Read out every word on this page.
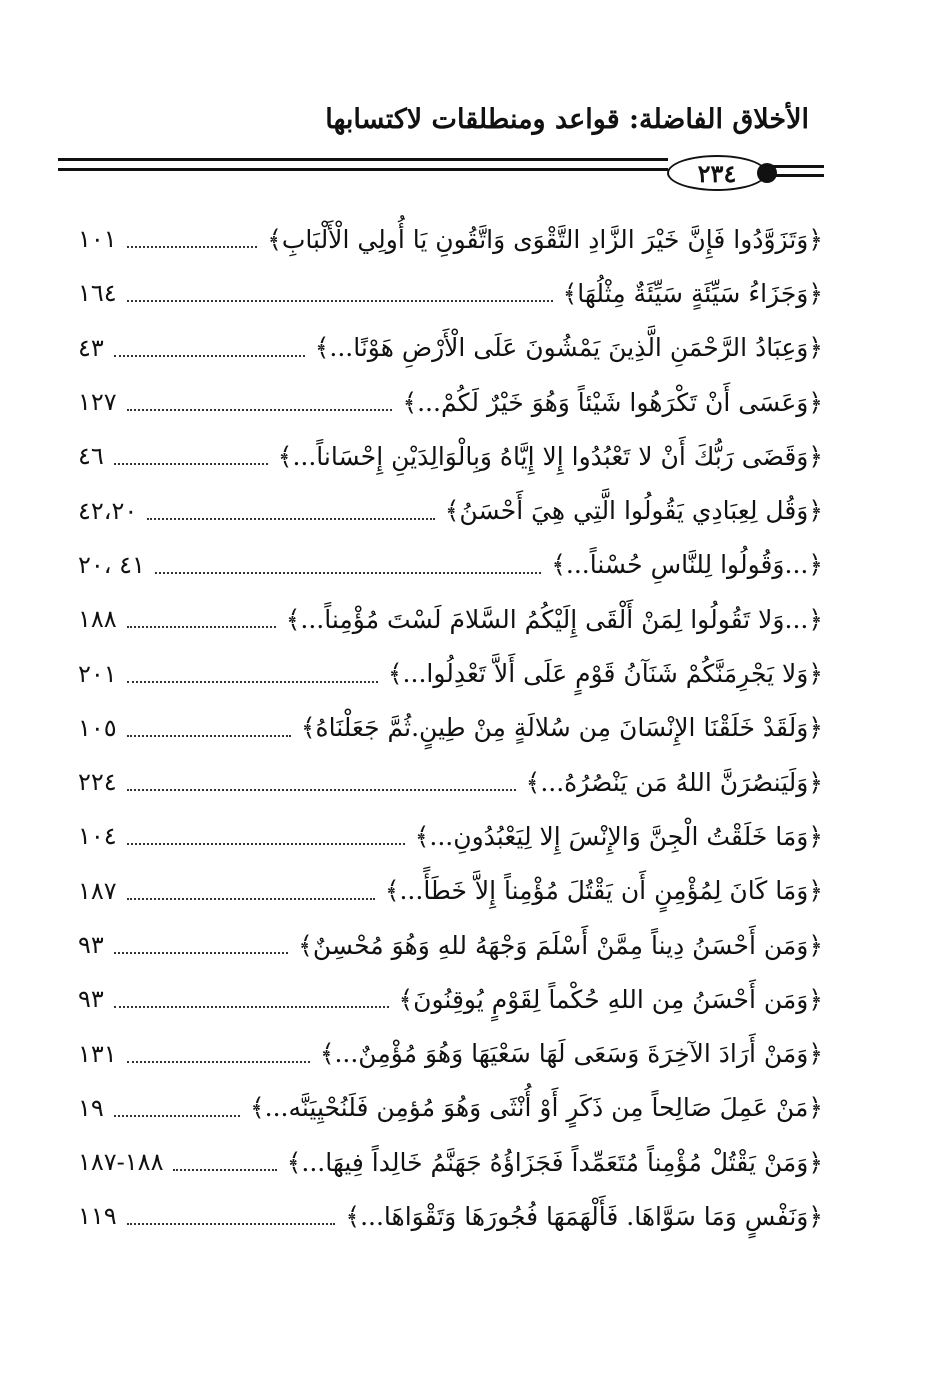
الأخلاق الفاضلة: قواعد ومنطلقات لاكتسابها
٢٣٤
﴿وَتَزَوَّدُوا فَإِنَّ خَيْرَ الزَّادِ التَّقْوَى وَاتَّقُونِ يَا أُولِي الْأَلْبَابِ﴾
١٠١
﴿وَجَزَاءُ سَيِّئَةٍ سَيِّئَةٌ مِثْلُهَا﴾
١٦٤
﴿وَعِبَادُ الرَّحْمَنِ الَّذِينَ يَمْشُونَ عَلَى الْأَرْضِ هَوْنًا...﴾
٤٣
﴿وَعَسَى أَنْ تَكْرَهُوا شَيْئاً وَهُوَ خَيْرٌ لَكُمْ...﴾
١٢٧
﴿وَقَضَى رَبُّكَ أَنْ لا تَعْبُدُوا إِلا إِيَّاهُ وَبِالْوَالِدَيْنِ إِحْسَاناً...﴾
٤٦
﴿وَقُل لِعِبَادِي يَقُولُوا الَّتِي هِيَ أَحْسَنُ﴾
٤٢،٢٠
﴿...وَقُولُوا لِلنَّاسِ حُسْناً...﴾
٤١ ،٢٠
﴿...وَلا تَقُولُوا لِمَنْ أَلْقَى إِلَيْكُمُ السَّلامَ لَسْتَ مُؤْمِناً...﴾
١٨٨
﴿وَلا يَجْرِمَنَّكُمْ شَنَآنُ قَوْمٍ عَلَى أَلاَّ تَعْدِلُوا...﴾
٢٠١
﴿وَلَقَدْ خَلَقْنَا الإِنْسَانَ مِن سُلالَةٍ مِنْ طِينٍ.ثُمَّ جَعَلْنَاهُ﴾
١٠٥
﴿وَلَيَنصُرَنَّ اللهُ مَن يَنْصُرُهُ...﴾
٢٢٤
﴿وَمَا خَلَقْتُ الْجِنَّ وَالإِنْسَ إِلا لِيَعْبُدُونِ...﴾
١٠٤
﴿وَمَا كَانَ لِمُؤْمِنٍ أَن يَقْتُلَ مُؤْمِناً إِلاَّ خَطَأً...﴾
١٨٧
﴿وَمَن أَحْسَنُ دِيناً مِمَّنْ أَسْلَمَ وَجْهَهُ للهِ وَهُوَ مُحْسِنٌ﴾
٩٣
﴿وَمَن أَحْسَنُ مِن اللهِ حُكْماً لِقَوْمٍ يُوقِنُونَ﴾
٩٣
﴿وَمَنْ أَرَادَ الآخِرَةَ وَسَعَى لَهَا سَعْيَهَا وَهُوَ مُؤْمِنٌ...﴾
١٣١
﴿مَنْ عَمِلَ صَالِحاً مِن ذَكَرٍ أَوْ أُنْثَى وَهُوَ مُؤمِن فَلَنُحْيِيَنَّه...﴾
١٩
﴿وَمَنْ يَقْتُلْ مُؤْمِناً مُتَعَمِّداً فَجَزَاؤُهُ جَهَنَّمُ خَالِداً فِيهَا...﴾
١٨٨-١٨٧
﴿وَنَفْسٍ وَمَا سَوَّاهَا. فَأَلْهَمَهَا فُجُورَهَا وَتَقْوَاهَا...﴾
١١٩
